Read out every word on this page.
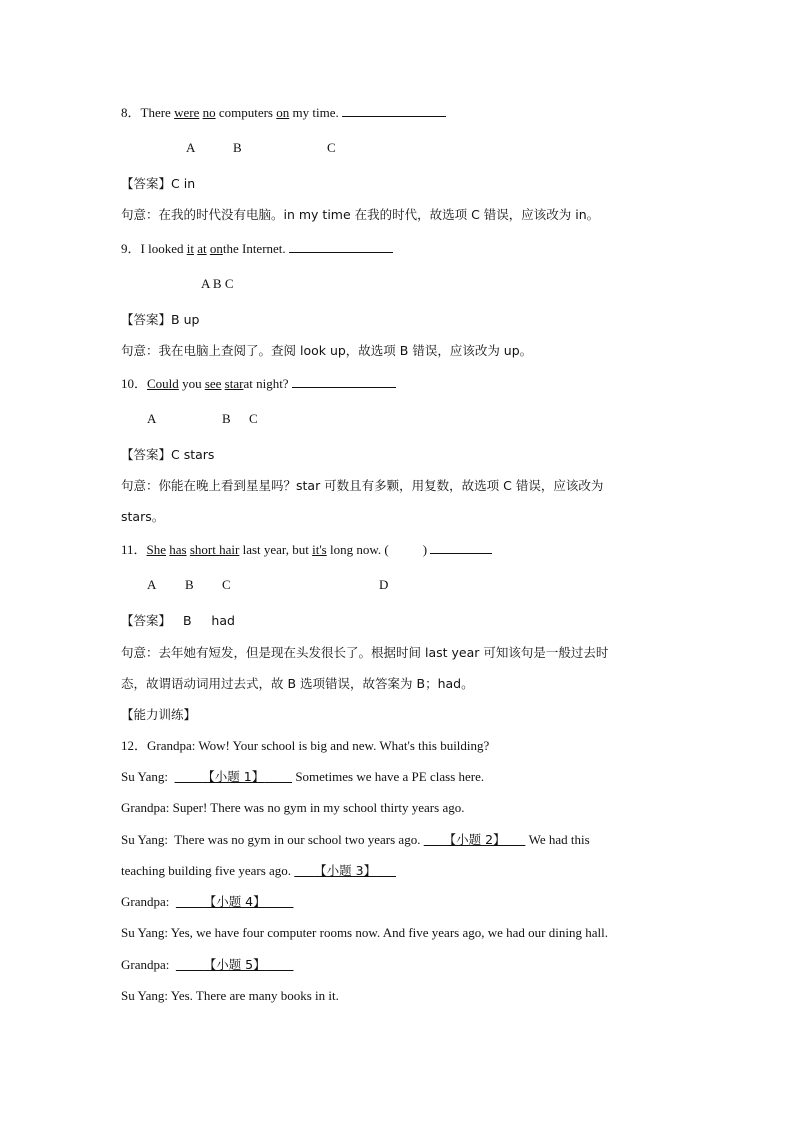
8．There were no computers on my time.
A	B	C
【答案】C in
句意：在我的时代没有电脑。in my time 在我的时代，故选项 C 错误，应该改为 in。
9．I looked it at onthe Internet.
A B C
【答案】B up
句意：我在电脑上查阅了。查阅 look up，故选项 B 错误，应该改为 up。
10．Could you see starat night?
A	B C
【答案】C stars
句意：你能在晚上看到星星吗？star 可数且有多颗，用复数，故选项 C 错误，应该改为
stars。
11．She has short hair last year, but it's long now. (	)
A B C	D
【答案】 B had
句意：去年她有短发，但是现在头发很长了。根据时间 last year 可知该句是一般过去时
态，故谓语动词用过去式，故 B 选项错误，故答案为 B；had。
【能力训练】
12．Grandpa: Wow! Your school is big and new. What's this building?
Su Yang:	【小题 1】 Sometimes we have a PE class here.
Grandpa: Super! There was no gym in my school thirty years ago.
Su Yang: There was no gym in our school two years ago. 【小题 2】 We had this
teaching building five years ago. 【小题 3】
Grandpa:	【小题 4】
Su Yang: Yes, we have four computer rooms now. And five years ago, we had our dining hall.
Grandpa:	【小题 5】
Su Yang: Yes. There are many books in it.
